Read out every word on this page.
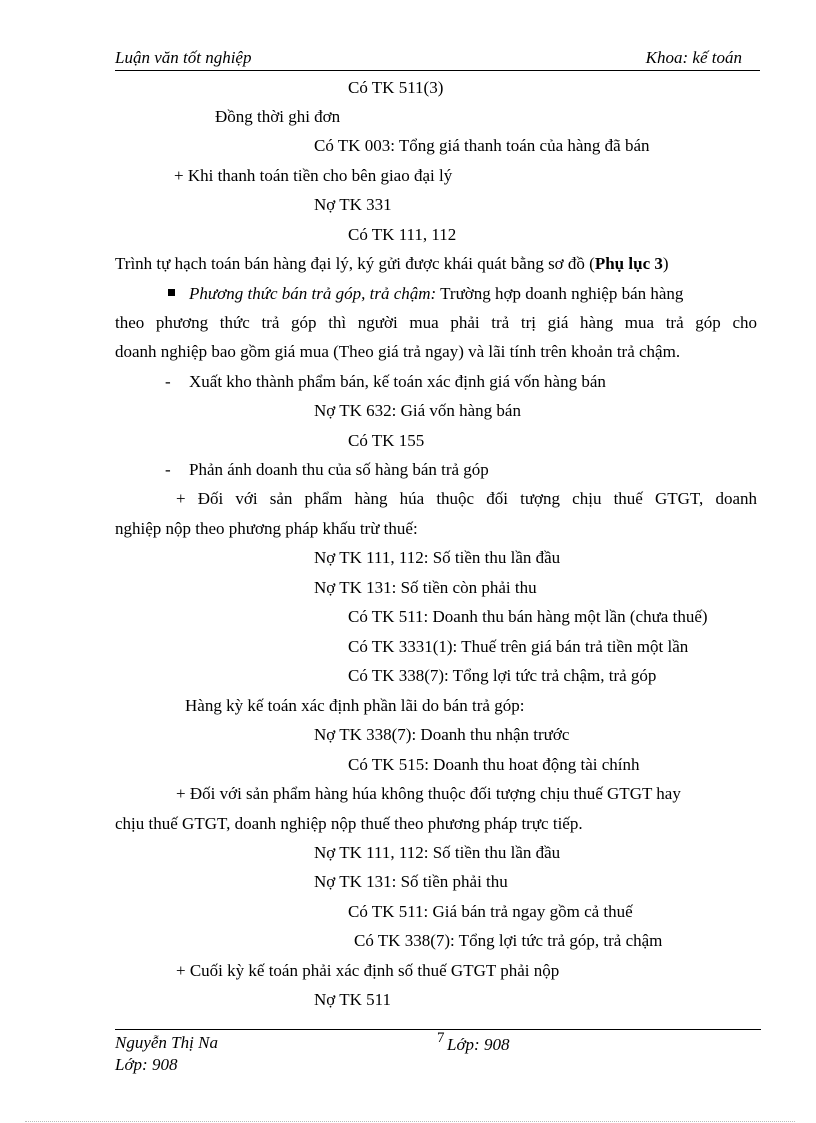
Luận văn tốt nghiệp	Khoa: kế toán
Có TK 511(3)
Đồng thời ghi đơn
Có TK 003: Tổng giá thanh toán của hàng đã bán
+ Khi thanh toán tiền cho bên giao đại lý
Nợ TK 331
Có TK 111, 112
Trình tự hạch toán bán hàng đại lý, ký gửi được khái quát bằng sơ đồ (Phụ lục 3)
Phương thức bán trả góp, trả chậm: Trường hợp doanh nghiệp bán hàng
theo phương thức trả góp thì người mua phải trả trị giá hàng mua trả góp cho
doanh nghiệp bao gồm giá mua (Theo giá trả ngay) và lãi tính trên khoản trả chậm.
- Xuất kho thành phẩm bán, kế toán xác định giá vốn hàng bán
Nợ TK 632: Giá vốn hàng bán
Có TK 155
- Phản ánh doanh thu của số hàng bán trả góp
+ Đối với sản phẩm hàng húa thuộc đối tượng chịu thuế GTGT, doanh
nghiệp nộp theo phương pháp khấu trừ thuế:
Nợ TK 111, 112: Số tiền thu lần đầu
Nợ TK 131: Số tiền còn phải thu
Có TK 511: Doanh thu bán hàng một lần (chưa thuế)
Có TK 3331(1): Thuế trên giá bán trả tiền một lần
Có TK 338(7): Tổng lợi tức trả chậm, trả góp
Hàng kỳ kế toán xác định phần lãi do bán trả góp:
Nợ TK 338(7): Doanh thu nhận trước
Có TK 515: Doanh thu hoat động tài chính
+ Đối với sản phẩm hàng húa không thuộc đối tượng chịu thuế GTGT hay
chịu thuế GTGT, doanh nghiệp nộp thuế theo phương pháp trực tiếp.
Nợ TK 111, 112: Số tiền thu lần đầu
Nợ TK 131: Số tiền phải thu
Có TK 511: Giá bán trả ngay gồm cả thuế
Có TK 338(7): Tổng lợi tức trả góp, trả chậm
+ Cuối kỳ kế toán phải xác định số thuế GTGT phải nộp
Nợ TK 511
Nguyễn Thị Na
Lớp: 908
7 Lớp: 908
